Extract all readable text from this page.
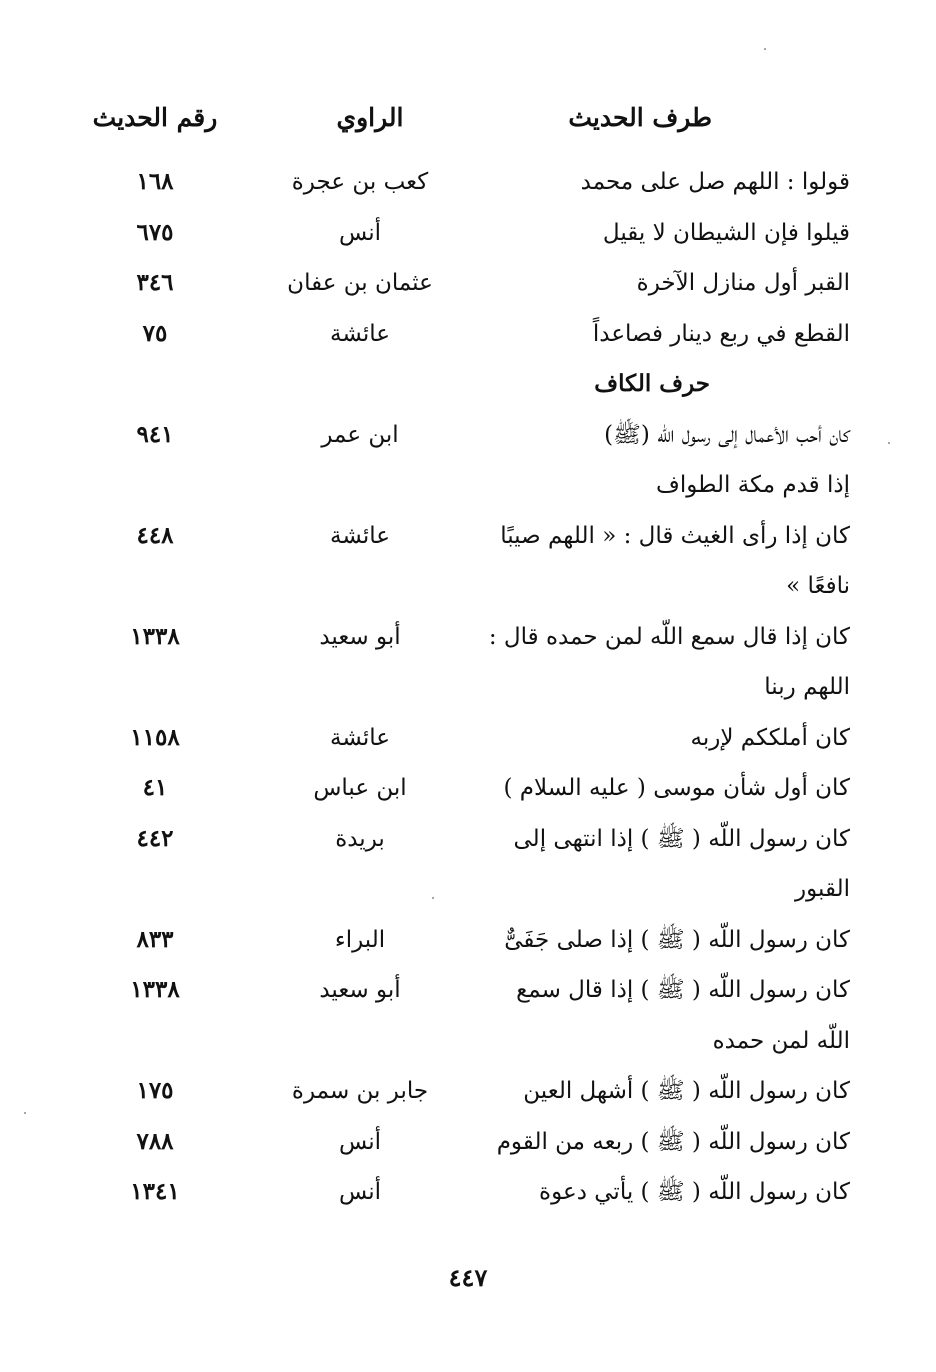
طرف الحديث
الراوي
رقم الحديث
قولوا : اللهم صل على محمد
كعب بن عجرة
١٦٨
قيلوا فإن الشيطان لا يقيل
أنس
٦٧٥
القبر أول منازل الآخرة
عثمان بن عفان
٣٤٦
القطع في ربع دينار فصاعداً
عائشة
٧٥
حرف الكاف
كان أحب الأعمال إلى رسول اللّه (ﷺ)
ابن عمر
٩٤١
إذا قدم مكة الطواف
كان إذا رأى الغيث قال : « اللهم صيبًا
عائشة
٤٤٨
نافعًا »
كان إذا قال سمع اللّه لمن حمده قال :
أبو سعيد
١٣٣٨
اللهم ربنا
كان أملككم لإربه
عائشة
١١٥٨
كان أول شأن موسى ( عليه السلام )
ابن عباس
٤١
كان رسول اللّه ( ﷺ ) إذا انتهى إلى
بريدة
٤٤٢
القبور
كان رسول اللّه ( ﷺ ) إذا صلى جَفَىٌّ
البراء
٨٣٣
كان رسول اللّه ( ﷺ ) إذا قال سمع
أبو سعيد
١٣٣٨
اللّه لمن حمده
كان رسول اللّه ( ﷺ ) أشهل العين
جابر بن سمرة
١٧٥
كان رسول اللّه ( ﷺ ) ربعه من القوم
أنس
٧٨٨
كان رسول اللّه ( ﷺ ) يأتي دعوة
أنس
١٣٤١
٤٤٧
